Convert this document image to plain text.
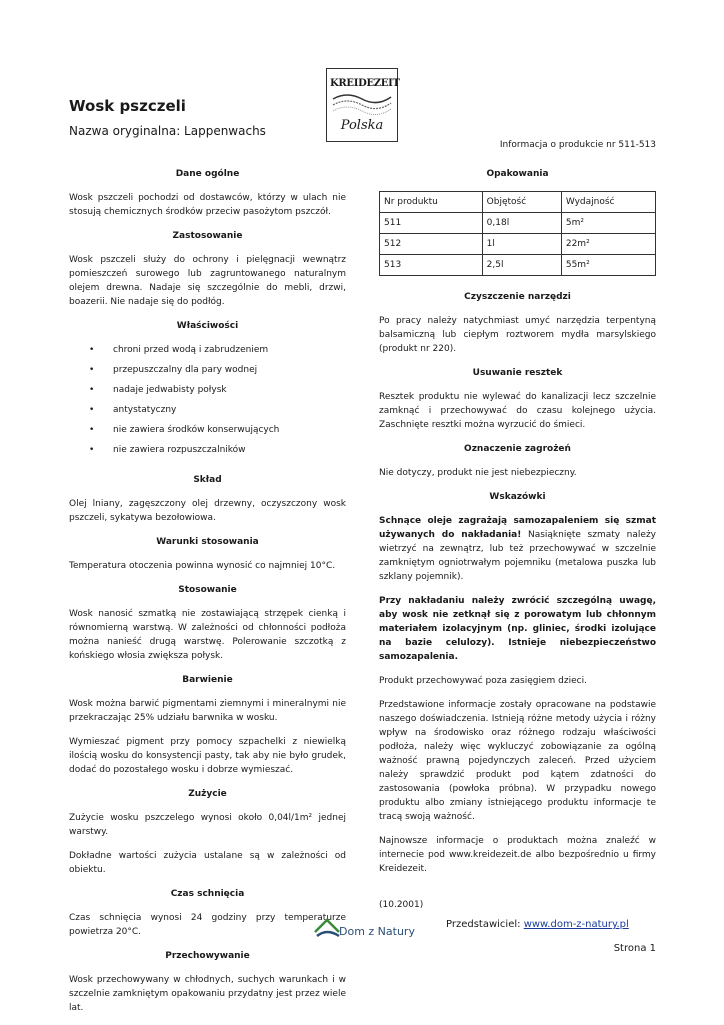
Wosk pszczeli
Nazwa oryginalna: Lappenwachs
Informacja o produkcie nr 511-513
KREIDEZEIT
Polska
Dane ogólne
Wosk pszczeli pochodzi od dostawców, którzy w ulach nie stosują chemicznych środków przeciw pasożytom pszczół.
Zastosowanie
Wosk pszczeli służy do ochrony i pielęgnacji wewnątrz pomieszczeń surowego lub zagruntowanego naturalnym olejem drewna. Nadaje się szczególnie do mebli, drzwi, boazerii. Nie nadaje się do podłóg.
Właściwości
• chroni przed wodą i zabrudzeniem
• przepuszczalny dla pary wodnej
• nadaje jedwabisty połysk
• antystatyczny
• nie zawiera środków konserwujących
• nie zawiera rozpuszczalników
Skład
Olej lniany, zagęszczony olej drzewny, oczyszczony wosk pszczeli, sykatywa bezołowiowa.
Warunki stosowania
Temperatura otoczenia powinna wynosić co najmniej 10°C.
Stosowanie
Wosk nanosić szmatką nie zostawiającą strzępek cienką i równomierną warstwą. W zależności od chłonności podłoża można nanieść drugą warstwę. Polerowanie szczotką z końskiego włosia zwiększa połysk.
Barwienie
Wosk można barwić pigmentami ziemnymi i mineralnymi nie przekraczając 25% udziału barwnika w wosku.
Wymieszać pigment przy pomocy szpachelki z niewielką ilością wosku do konsystencji pasty, tak aby nie było grudek, dodać do pozostałego wosku i dobrze wymieszać.
Zużycie
Zużycie wosku pszczelego wynosi około 0,04l/1m² jednej warstwy.
Dokładne wartości zużycia ustalane są w zależności od obiektu.
Czas schnięcia
Czas schnięcia wynosi 24 godziny przy temperaturze powietrza 20°C.
Przechowywanie
Wosk przechowywany w chłodnych, suchych warunkach i w szczelnie zamkniętym opakowaniu przydatny jest przez wiele lat.
Opakowania
Nr produktu	Objętość	Wydajność
511	0,18l	5m²
512	1l	22m²
513	2,5l	55m²
Czyszczenie narzędzi
Po pracy należy natychmiast umyć narzędzia terpentyną balsamiczną lub ciepłym roztworem mydła marsylskiego (produkt nr 220).
Usuwanie resztek
Resztek produktu nie wylewać do kanalizacji lecz szczelnie zamknąć i przechowywać do czasu kolejnego użycia. Zaschnięte resztki można wyrzucić do śmieci.
Oznaczenie zagrożeń
Nie dotyczy, produkt nie jest niebezpieczny.
Wskazówki
Schnące oleje zagrażają samozapaleniem się szmat używanych do nakładania! Nasiąknięte szmaty należy wietrzyć na zewnątrz, lub też przechowywać w szczelnie zamkniętym ogniotrwałym pojemniku (metalowa puszka lub szklany pojemnik).
Przy nakładaniu należy zwrócić szczególną uwagę, aby wosk nie zetknął się z porowatym lub chłonnym materiałem izolacyjnym (np. gliniec, środki izolujące na bazie celulozy). Istnieje niebezpieczeństwo samozapalenia.
Produkt przechowywać poza zasięgiem dzieci.
Przedstawione informacje zostały opracowane na podstawie naszego doświadczenia. Istnieją różne metody użycia i różny wpływ na środowisko oraz różnego rodzaju właściwości podłoża, należy więc wykluczyć zobowiązanie za ogólną ważność prawną pojedynczych zaleceń. Przed użyciem należy sprawdzić produkt pod kątem zdatności do zastosowania (powłoka próbna). W przypadku nowego produktu albo zmiany istniejącego produktu informacje te tracą swoją ważność.
Najnowsze informacje o produktach można znaleźć w internecie pod www.kreidezeit.de albo bezpośrednio u firmy Kreidezeit.
(10.2001)
Dom z Natury
Przedstawiciel: www.dom-z-natury.pl
Strona 1
